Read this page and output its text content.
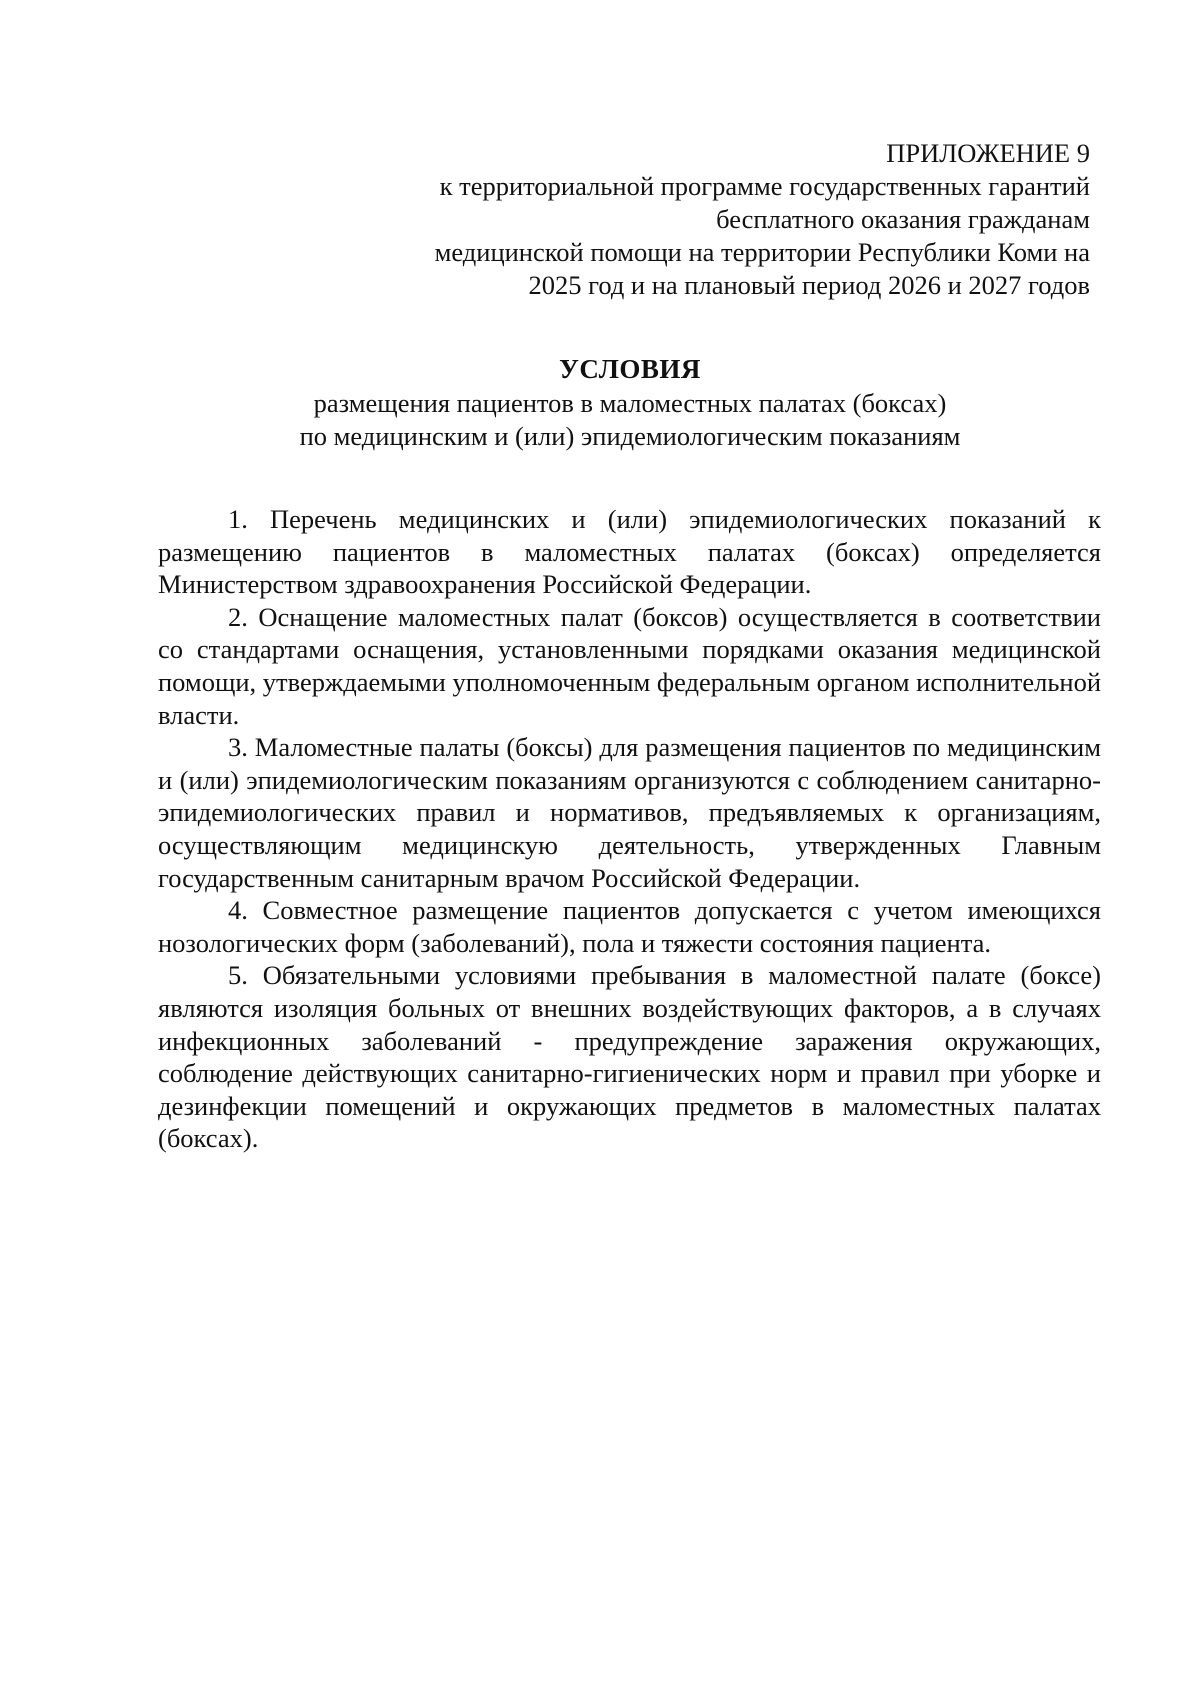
ПРИЛОЖЕНИЕ 9
к территориальной программе государственных гарантий
бесплатного оказания гражданам
медицинской помощи на территории Республики Коми на
2025 год и на плановый период 2026 и 2027 годов
УСЛОВИЯ
размещения пациентов в маломестных палатах (боксах)
по медицинским и (или) эпидемиологическим показаниям

1. Перечень медицинских и (или) эпидемиологических показаний к размещению пациентов в маломестных палатах (боксах) определяется Министерством здравоохранения Российской Федерации.

2. Оснащение маломестных палат (боксов) осуществляется в соответствии со стандартами оснащения, установленными порядками оказания медицинской помощи, утверждаемыми уполномоченным федеральным органом исполнительной власти.

3. Маломестные палаты (боксы) для размещения пациентов по медицинским и (или) эпидемиологическим показаниям организуются с соблюдением санитарно-эпидемиологических правил и нормативов, предъявляемых к организациям, осуществляющим медицинскую деятельность, утвержденных Главным государственным санитарным врачом Российской Федерации.

4. Совместное размещение пациентов допускается с учетом имеющихся нозологических форм (заболеваний), пола и тяжести состояния пациента.

5. Обязательными условиями пребывания в маломестной палате (боксе) являются изоляция больных от внешних воздействующих факторов, а в случаях инфекционных заболеваний - предупреждение заражения окружающих, соблюдение действующих санитарно-гигиенических норм и правил при уборке и дезинфекции помещений и окружающих предметов в маломестных палатах (боксах).
